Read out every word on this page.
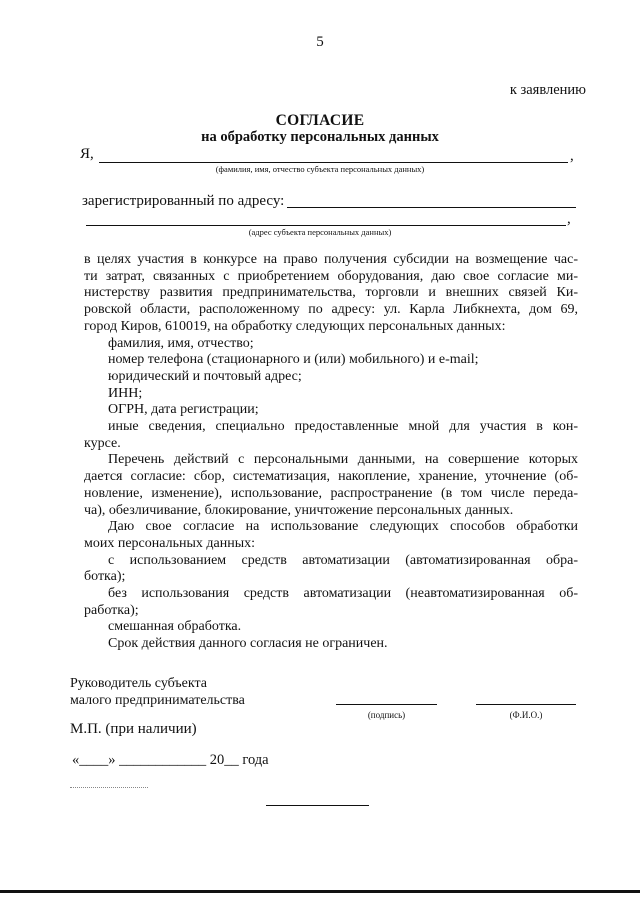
5
к заявлению
СОГЛАСИЕ
на обработку персональных данных
Я,	,
(фамилия, имя, отчество субъекта персональных данных)
зарегистрированный по адресу:
,
(адрес субъекта персональных данных)
в целях участия в конкурсе на право получения субсидии на возмещение час-
ти затрат, связанных с приобретением оборудования, даю свое согласие ми-
нистерству развития предпринимательства, торговли и внешних связей Ки-
ровской области, расположенному по адресу: ул. Карла Либкнехта, дом 69,
город Киров, 610019, на обработку следующих персональных данных:
фамилия, имя, отчество;
номер телефона (стационарного и (или) мобильного) и e-mail;
юридический и почтовый адрес;
ИНН;
ОГРН, дата регистрации;
иные сведения, специально предоставленные мной для участия в кон-
курсе.
Перечень действий с персональными данными, на совершение которых
дается согласие: сбор, систематизация, накопление, хранение, уточнение (об-
новление, изменение), использование, распространение (в том числе переда-
ча), обезличивание, блокирование, уничтожение персональных данных.
Даю свое согласие на использование следующих способов обработки
моих персональных данных:
с использованием средств автоматизации (автоматизированная обра-
ботка);
без использования средств автоматизации (неавтоматизированная об-
работка);
смешанная обработка.
Срок действия данного согласия не ограничен.
Руководитель субъекта
малого предпринимательства
(подпись)	(Ф.И.О.)
М.П. (при наличии)
«____» ____________ 20__ года
